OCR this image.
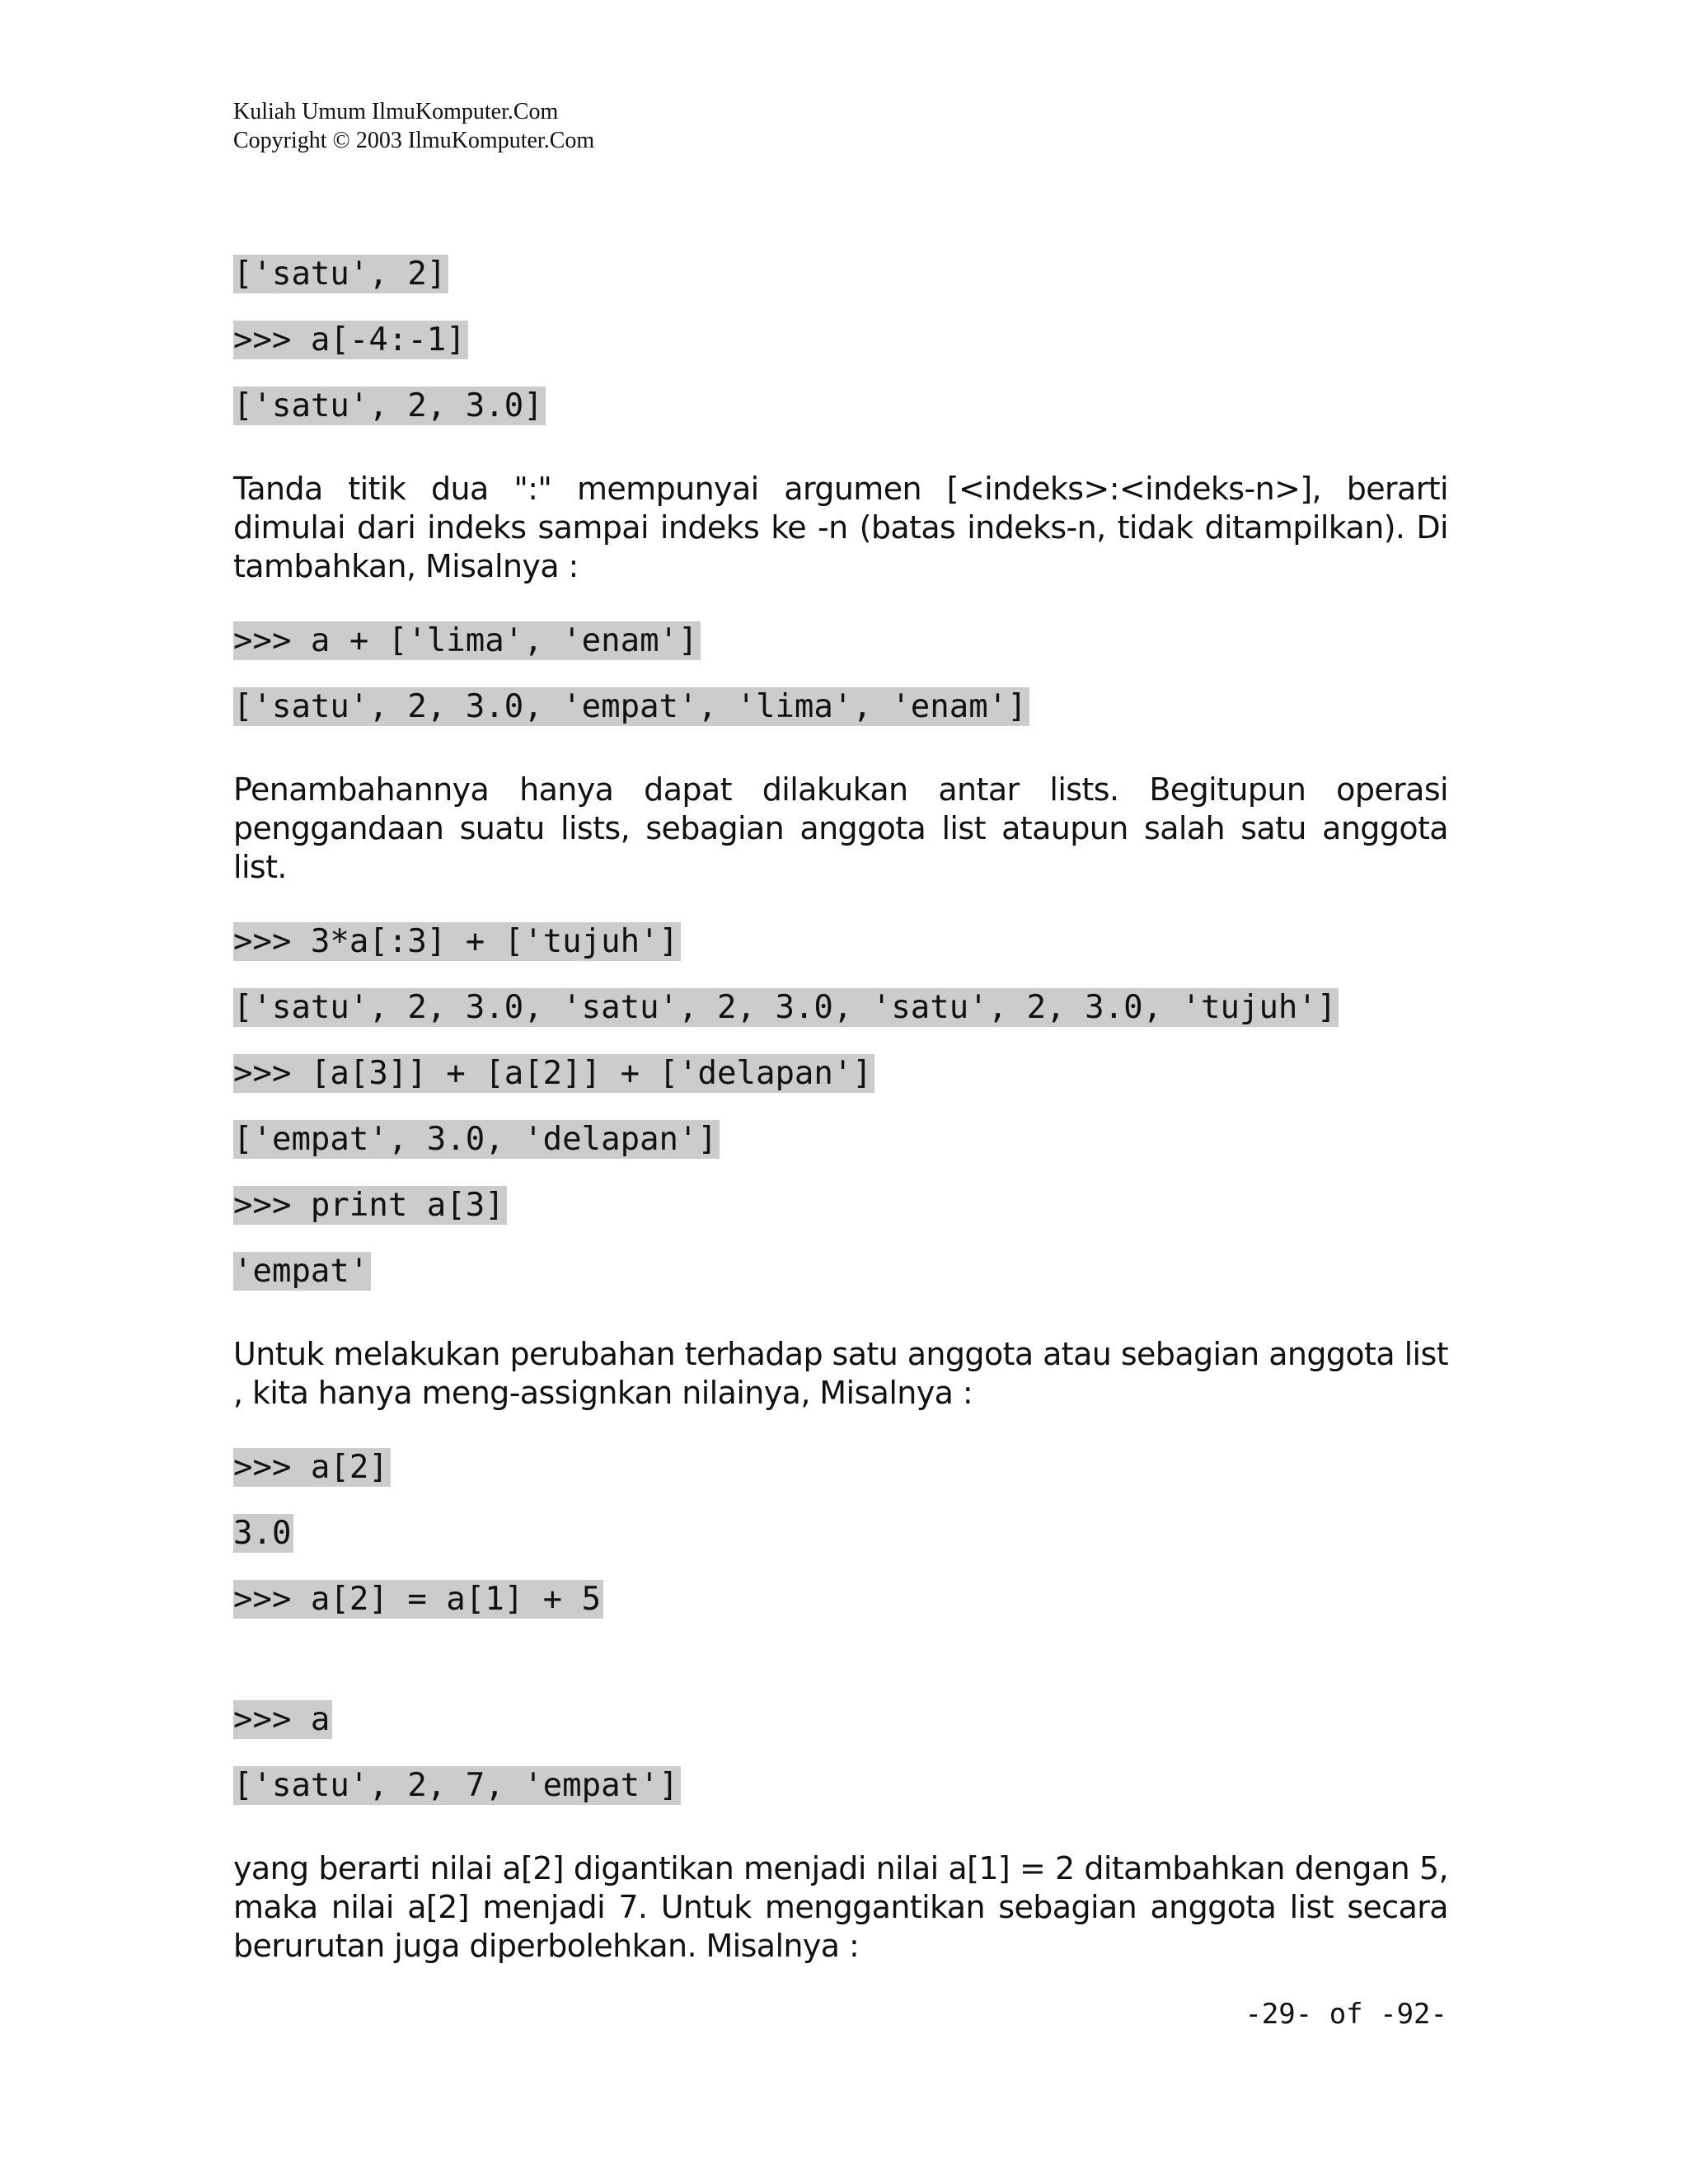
Kuliah Umum IlmuKomputer.Com
Copyright © 2003 IlmuKomputer.Com
['satu', 2]
>>> a[-4:-1]
['satu', 2, 3.0]

Tanda titik dua ":" mempunyai argumen [<indeks>:<indeks-n>], berarti dimulai dari indeks sampai indeks ke -n (batas indeks-n, tidak ditampilkan). Di tambahkan, Misalnya :

>>> a + ['lima', 'enam']
['satu', 2, 3.0, 'empat', 'lima', 'enam']

Penambahannya hanya dapat dilakukan antar lists. Begitupun operasi penggandaan suatu lists, sebagian anggota list ataupun salah satu anggota list.

>>> 3*a[:3] + ['tujuh']
['satu', 2, 3.0, 'satu', 2, 3.0, 'satu', 2, 3.0, 'tujuh']
>>> [a[3]] + [a[2]] + ['delapan']
['empat', 3.0, 'delapan']
>>> print a[3]
'empat'

Untuk melakukan perubahan terhadap satu anggota atau sebagian anggota list , kita hanya meng-assignkan nilainya, Misalnya :

>>> a[2]
3.0
>>> a[2] = a[1] + 5
>>> a
['satu', 2, 7, 'empat']

yang berarti nilai a[2] digantikan menjadi nilai a[1] = 2 ditambahkan dengan 5, maka nilai a[2] menjadi 7. Untuk menggantikan sebagian anggota list secara berurutan juga diperbolehkan. Misalnya :

-29- of -92-
